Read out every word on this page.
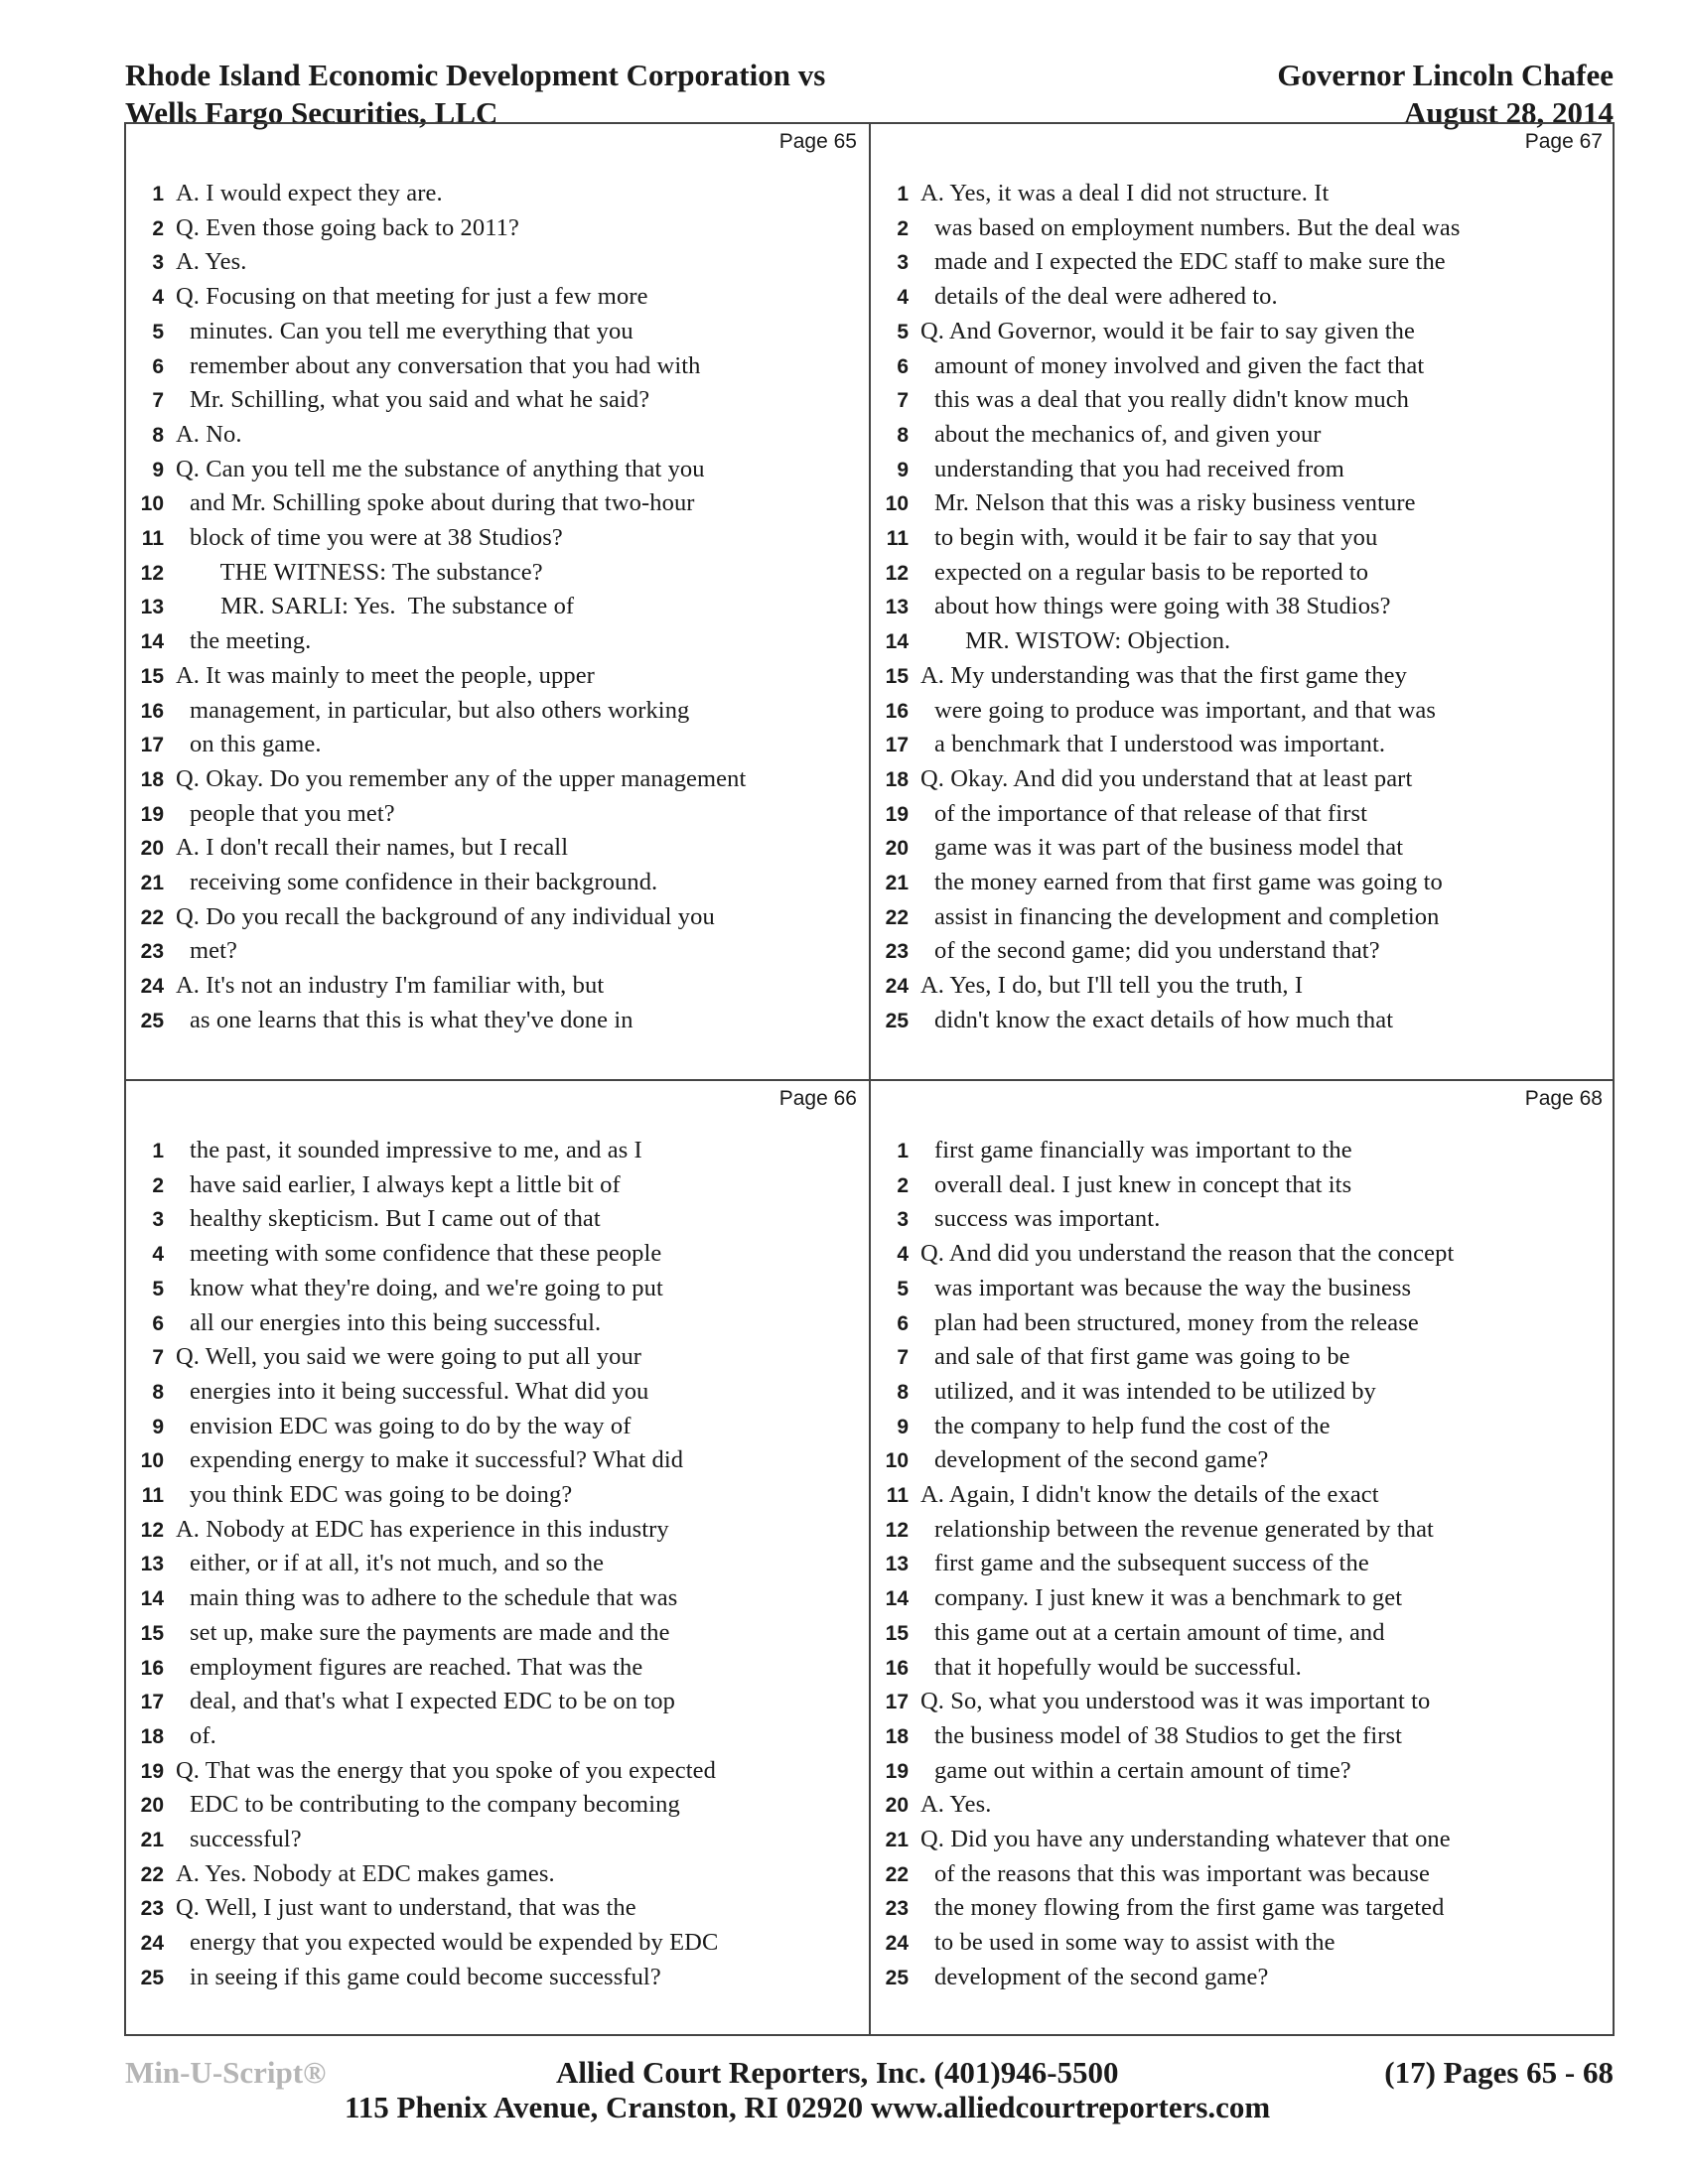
Rhode Island Economic Development Corporation vs
Wells Fargo Securities, LLC
Governor Lincoln Chafee
August 28, 2014
Page 65
1 A. I would expect they are.
2 Q. Even those going back to 2011?
3 A. Yes.
4 Q. Focusing on that meeting for just a few more
5 minutes. Can you tell me everything that you
6 remember about any conversation that you had with
7 Mr. Schilling, what you said and what he said?
8 A. No.
9 Q. Can you tell me the substance of anything that you
10 and Mr. Schilling spoke about during that two-hour
11 block of time you were at 38 Studios?
12 THE WITNESS: The substance?
13 MR. SARLI: Yes.  The substance of
14 the meeting.
15 A. It was mainly to meet the people, upper
16 management, in particular, but also others working
17 on this game.
18 Q. Okay. Do you remember any of the upper management
19 people that you met?
20 A. I don't recall their names, but I recall
21 receiving some confidence in their background.
22 Q. Do you recall the background of any individual you
23 met?
24 A. It's not an industry I'm familiar with, but
25 as one learns that this is what they've done in
Page 67
1 A. Yes, it was a deal I did not structure. It
2 was based on employment numbers. But the deal was
3 made and I expected the EDC staff to make sure the
4 details of the deal were adhered to.
5 Q. And Governor, would it be fair to say given the
6 amount of money involved and given the fact that
7 this was a deal that you really didn't know much
8 about the mechanics of, and given your
9 understanding that you had received from
10 Mr. Nelson that this was a risky business venture
11 to begin with, would it be fair to say that you
12 expected on a regular basis to be reported to
13 about how things were going with 38 Studios?
14 MR. WISTOW: Objection.
15 A. My understanding was that the first game they
16 were going to produce was important, and that was
17 a benchmark that I understood was important.
18 Q. Okay. And did you understand that at least part
19 of the importance of that release of that first
20 game was it was part of the business model that
21 the money earned from that first game was going to
22 assist in financing the development and completion
23 of the second game; did you understand that?
24 A. Yes, I do, but I'll tell you the truth, I
25 didn't know the exact details of how much that
Page 66
1 the past, it sounded impressive to me, and as I
2 have said earlier, I always kept a little bit of
3 healthy skepticism. But I came out of that
4 meeting with some confidence that these people
5 know what they're doing, and we're going to put
6 all our energies into this being successful.
7 Q. Well, you said we were going to put all your
8 energies into it being successful. What did you
9 envision EDC was going to do by the way of
10 expending energy to make it successful? What did
11 you think EDC was going to be doing?
12 A. Nobody at EDC has experience in this industry
13 either, or if at all, it's not much, and so the
14 main thing was to adhere to the schedule that was
15 set up, make sure the payments are made and the
16 employment figures are reached. That was the
17 deal, and that's what I expected EDC to be on top
18 of.
19 Q. That was the energy that you spoke of you expected
20 EDC to be contributing to the company becoming
21 successful?
22 A. Yes. Nobody at EDC makes games.
23 Q. Well, I just want to understand, that was the
24 energy that you expected would be expended by EDC
25 in seeing if this game could become successful?
Page 68
1 first game financially was important to the
2 overall deal. I just knew in concept that its
3 success was important.
4 Q. And did you understand the reason that the concept
5 was important was because the way the business
6 plan had been structured, money from the release
7 and sale of that first game was going to be
8 utilized, and it was intended to be utilized by
9 the company to help fund the cost of the
10 development of the second game?
11 A. Again, I didn't know the details of the exact
12 relationship between the revenue generated by that
13 first game and the subsequent success of the
14 company. I just knew it was a benchmark to get
15 this game out at a certain amount of time, and
16 that it hopefully would be successful.
17 Q. So, what you understood was it was important to
18 the business model of 38 Studios to get the first
19 game out within a certain amount of time?
20 A. Yes.
21 Q. Did you have any understanding whatever that one
22 of the reasons that this was important was because
23 the money flowing from the first game was targeted
24 to be used in some way to assist with the
25 development of the second game?
Min-U-Script®	Allied Court Reporters, Inc. (401)946-5500	(17) Pages 65 - 68
115 Phenix Avenue, Cranston, RI 02920 www.alliedcourtreporters.com
